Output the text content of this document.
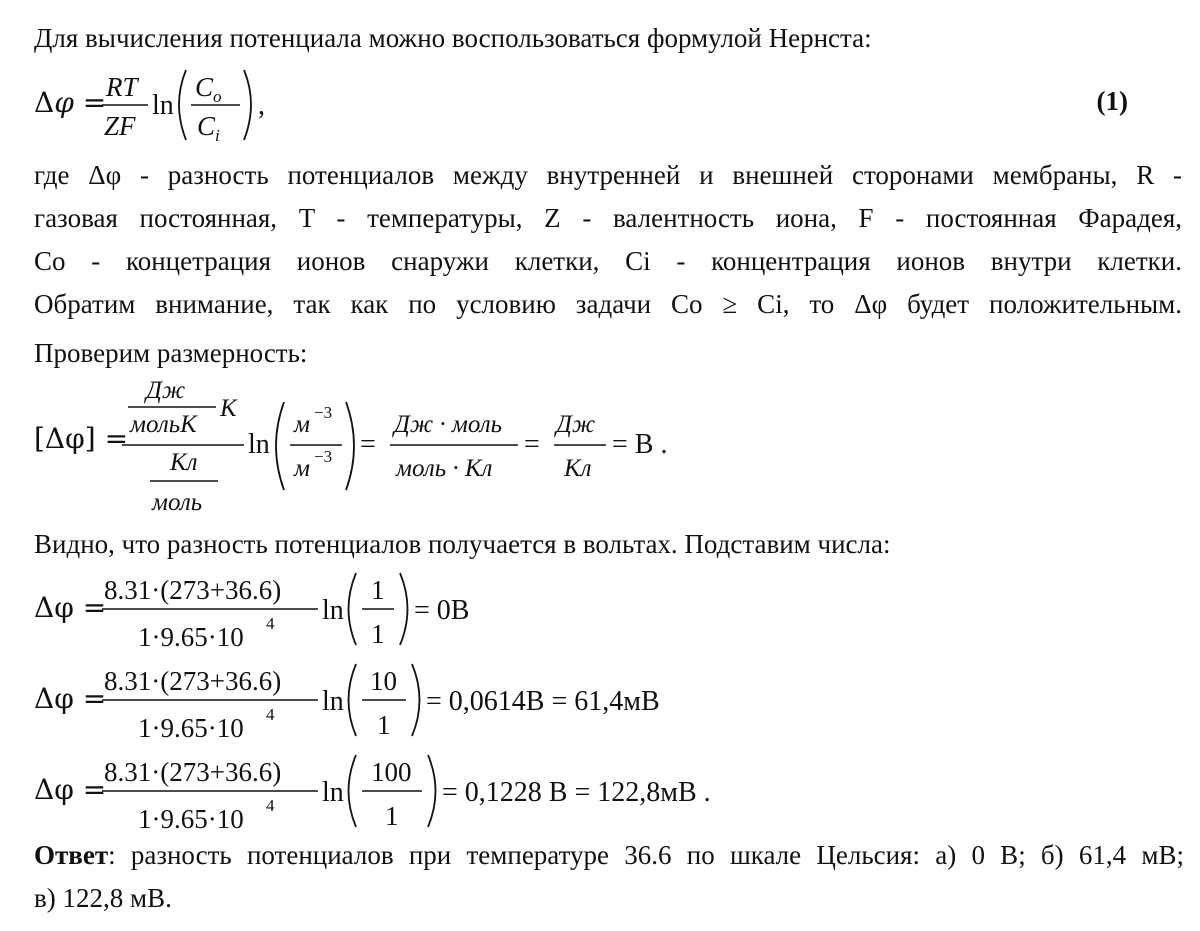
Для вычисления потенциала можно воспользоваться формулой Нернста:
Δφ = RT
ZF
ln
$C_o$
$C_i$
,	(1)
где Δφ - разность потенциалов между внутренней и внешней сторонами мембраны, R -
газовая постоянная, T - температуры, Z - валентность иона, F - постоянная Фарадея,
Co - концетрация ионов снаружи клетки, Ci - концентрация ионов внутри клетки.
Обратим внимание, так как по условию задачи Co ≥ Ci, то Δφ будет положительным.
Проверим размерность:
[Δφ] =
Дж
мольK
K
Кл
моль
ln
м −3
м −3 =
Дж · моль
моль · Кл
=
Дж
Кл
= B .
Видно, что разность потенциалов получается в вольтах. Подставим числа:
Δφ =
8.31·(273+36.6)
1·9.65·10 4 ln
1
1
= 0B
Δφ =
8.31·(273+36.6)
1·9.65·10 4 ln
10
1
= 0,0614B = 61,4мB
Δφ =
8.31·(273+36.6)
1·9.65·10 4 ln
100
1
= 0,1228 B = 122,8мB .
Ответ: разность потенциалов при температуре 36.6 по шкале Цельсия: а) 0 В; б) 61,4 мВ;
в) 122,8 мВ.
